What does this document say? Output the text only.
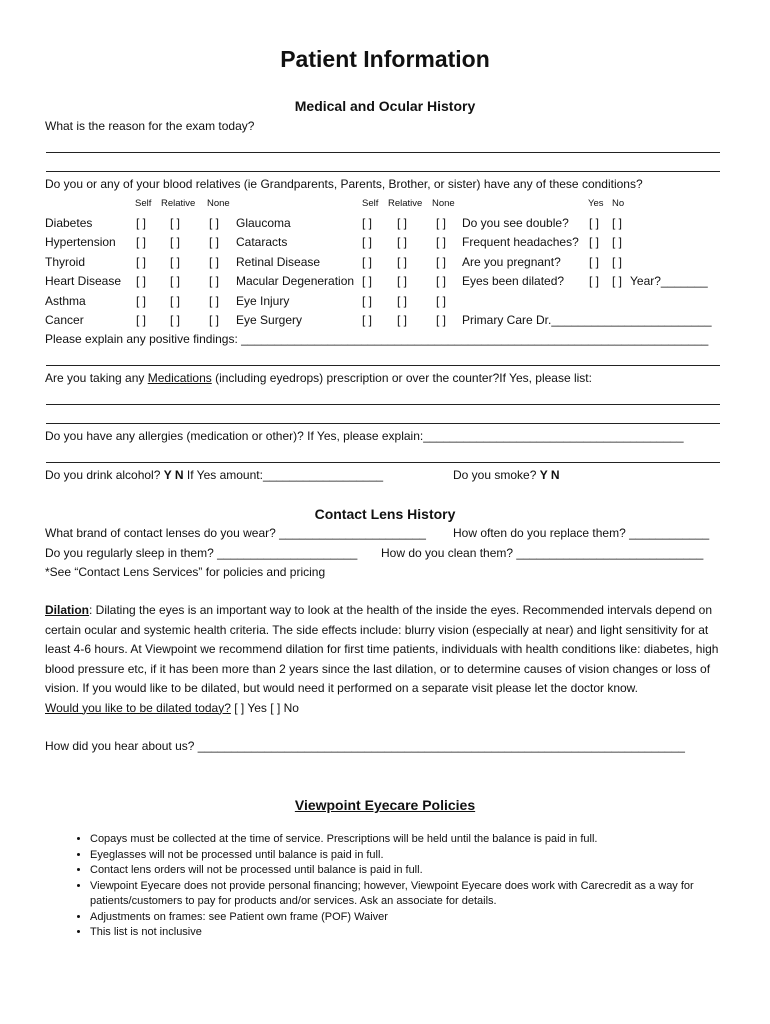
Patient Information
Medical and Ocular History
What is the reason for the exam today?
Do you or any of your blood relatives (ie Grandparents, Parents, Brother, or sister) have any of these conditions?
Self Relative None	Self Relative None	Yes No
Diabetes	[ ] [ ] [ ] Glaucoma	[ ] [ ] [ ] Do you see double? [ ] [ ]
Hypertension [ ] [ ] [ ] Cataracts	[ ] [ ] [ ] Frequent headaches? [ ] [ ]
Thyroid	[ ] [ ] [ ] Retinal Disease	[ ] [ ] [ ] Are you pregnant? [ ] [ ]
Heart Disease [ ] [ ] [ ] Macular Degeneration [ ] [ ] [ ] Eyes been dilated? [ ] [ ] Year?_______
Asthma	[ ] [ ] [ ] Eye Injury	[ ] [ ] [ ]
Cancer	[ ] [ ] [ ] Eye Surgery	[ ] [ ] [ ] Primary Care Dr.________________________
Please explain any positive findings: ______________________________________________________________________
Are you taking any Medications (including eyedrops) prescription or over the counter?If Yes, please list:
Do you have any allergies (medication or other)? If Yes, please explain:_______________________________________
Do you drink alcohol? Y N If Yes amount:__________________	Do you smoke? Y N
Contact Lens History
What brand of contact lenses do you wear? ______________________ How often do you replace them? ____________
Do you regularly sleep in them? _____________________ How do you clean them? ____________________________
*See “Contact Lens Services” for policies and pricing

Dilation: Dilating the eyes is an important way to look at the health of the inside the eyes. Recommended intervals depend on certain ocular and systemic health criteria. The side effects include: blurry vision (especially at near) and light sensitivity for at least 4-6 hours. At Viewpoint we recommend dilation for first time patients, individuals with health conditions like: diabetes, high blood pressure etc, if it has been more than 2 years since the last dilation, or to determine causes of vision changes or loss of vision. If you would like to be dilated, but would need it performed on a separate visit please let the doctor know.Would you like to be dilated today? [ ] Yes [ ] No

How did you hear about us? _________________________________________________________________________
Viewpoint Eyecare Policies
• Copays must be collected at the time of service. Prescriptions will be held until the balance is paid in full.
• Eyeglasses will not be processed until balance is paid in full.
• Contact lens orders will not be processed until balance is paid in full.
• Viewpoint Eyecare does not provide personal financing; however, Viewpoint Eyecare does work with Carecredit as a way for patients/customers to pay for products and/or services. Ask an associate for details.
• Adjustments on frames: see Patient own frame (POF) Waiver
• This list is not inclusive
